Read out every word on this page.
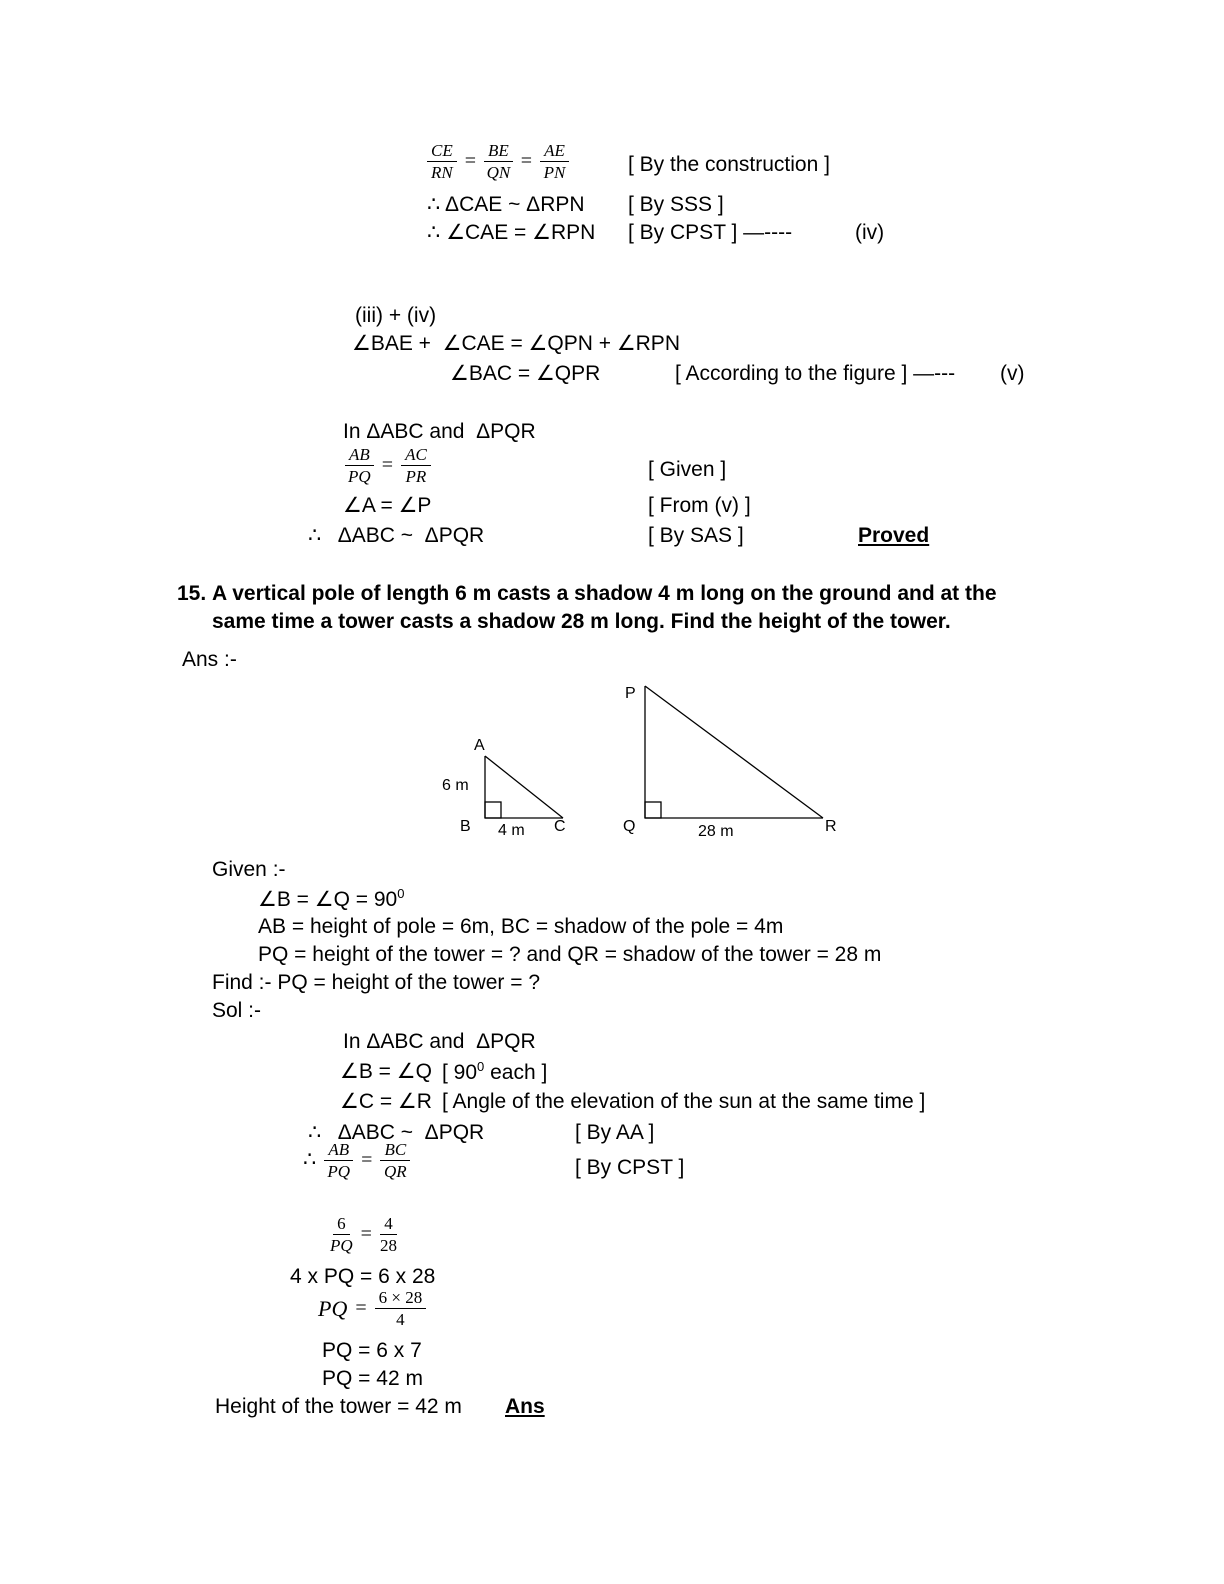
$\frac{CE}{RN} = \frac{BE}{QN} = \frac{AE}{PN}$	[ By the construction ]
∴ ΔCAE ~ ΔRPN [ By SSS ]
∴ ∠CAE = ∠RPN [ By CPST ] —----	(iv)
(iii) + (iv)
∠BAE +  ∠CAE = ∠QPN + ∠RPN
∠BAC = ∠QPR	[ According to the figure ] —--- (v)
In ΔABC and  ΔPQR
$\frac{AB}{PQ} = \frac{AC}{PR}$	[ Given ]
∠A = ∠P	[ From (v) ]
∴   ΔABC ~  ΔPQR	[ By SAS ]	Proved
15. A vertical pole of length 6 m casts a shadow 4 m long on the ground and at the
same time a tower casts a shadow 28 m long. Find the height of the tower.
Ans :-
A
B	C
6 m
4 m
P
Q	R
28 m
Given :-
∠B = ∠Q = $90^0$
AB = height of pole = 6m, BC = shadow of the pole = 4m
PQ = height of the tower = ? and QR = shadow of the tower = 28 m
Find :- PQ = height of the tower = ?
Sol :-
In ΔABC and  ΔPQR
∠B = ∠Q [ $90^0$ each ]
∠C = ∠R [ Angle of the elevation of the sun at the same time ]
∴   ΔABC ~  ΔPQR	[ By AA ]
∴ $\frac{AB}{PQ} = \frac{BC}{QR}$	[ By CPST ]
$\frac{6}{PQ} = \frac{4}{28}$
4 x PQ = 6 x 28
PQ = $\frac{6 \times 28}{4}$
PQ = 6 x 7
PQ = 42 m
Height of the tower = 42 m Ans
